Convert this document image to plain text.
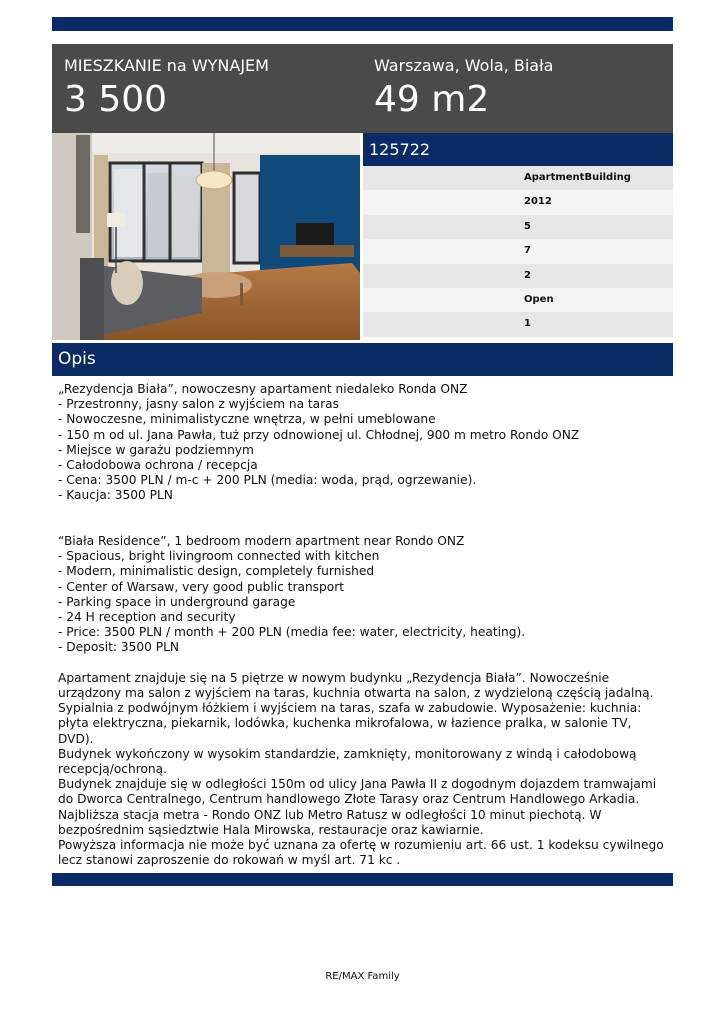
MIESZKANIE na WYNAJEM
3 500
Warszawa, Wola, Biała
49 m2
125722
ApartmentBuilding
2012
5
7
2
Open
1
Opis
„Rezydencja Biała”, nowoczesny apartament niedaleko Ronda ONZ
- Przestronny, jasny salon z wyjściem na taras
- Nowoczesne, minimalistyczne wnętrza, w pełni umeblowane
- 150 m od ul. Jana Pawła, tuż przy odnowionej ul. Chłodnej, 900 m metro Rondo ONZ
- Miejsce w garażu podziemnym
- Całodobowa ochrona / recepcja
- Cena: 3500 PLN / m-c + 200 PLN (media: woda, prąd, ogrzewanie).
- Kaucja: 3500 PLN

“Biała Residence”, 1 bedroom modern apartment near Rondo ONZ
- Spacious, bright livingroom connected with kitchen
- Modern, minimalistic design, completely furnished
- Center of Warsaw, very good public transport
- Parking space in underground garage
- 24 H reception and security
- Price: 3500 PLN / month + 200 PLN (media fee: water, electricity, heating).
- Deposit: 3500 PLN

Apartament znajduje się na 5 piętrze w nowym budynku „Rezydencja Biała”. Nowocześnie urządzony ma salon z wyjściem na taras, kuchnia otwarta na salon, z wydzieloną częścią jadalną. Sypialnia z podwójnym łóżkiem i wyjściem na taras, szafa w zabudowie. Wyposażenie: kuchnia: płyta elektryczna, piekarnik, lodówka, kuchenka mikrofalowa, w łazience pralka, w salonie TV, DVD).
Budynek wykończony w wysokim standardzie, zamknięty, monitorowany z windą i całodobową recepcją/ochroną.
Budynek znajduje się w odległości 150m od ulicy Jana Pawła II z dogodnym dojazdem tramwajami do Dworca Centralnego, Centrum handlowego Złote Tarasy oraz Centrum Handlowego Arkadia. Najbliższa stacja metra - Rondo ONZ lub Metro Ratusz w odległości 10 minut piechotą. W bezpośrednim sąsiedztwie Hala Mirowska, restauracje oraz kawiarnie.
Powyższa informacja nie może być uznana za ofertę w rozumieniu art. 66 ust. 1 kodeksu cywilnego lecz stanowi zaproszenie do rokowań w myśl art. 71 kc .
RE/MAX Family
